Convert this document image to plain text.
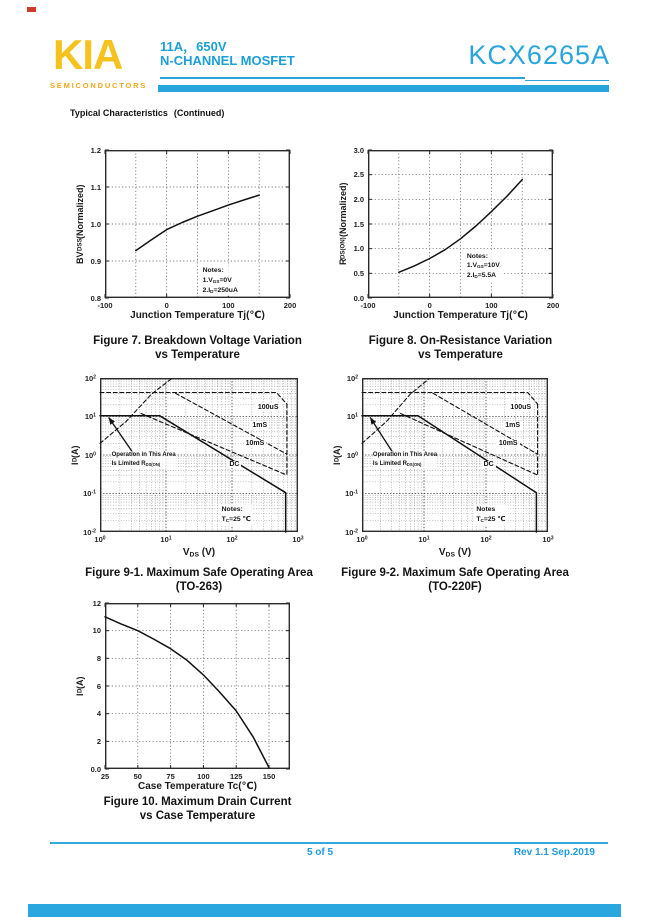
KIA
SEMICONDUCTORS
11A，650V
N-CHANNEL MOSFET	KCX6265A
Typical Characteristics (Continued)
-100	0	100	200
0.8
0.9
1.0
1.1
1.2
Junction Temperature Tj(℃)
BV
DSS
(Normalized)
Notes:
$1.V_{GS}=0V$
$2.I_D=250uA$
Figure 7. Breakdown Voltage Variation
vs Temperature
-100	0	100	200
0.0
0.5
1.0
1.5
2.0
2.5
3.0
Junction Temperature Tj(℃)
R
DS(ON)
(Normalized)
Notes:
$1.V_{GS}=10V$
$2.I_D=5.5A$
Figure 8. On-Resistance Variation
vs Temperature
$10^0$	$10^1$	$10^2$	$10^3$
$10^2$
$10^1$
$10^0$
$10^{-1}$
$10^{-2}$
$V_{DS}$ (V)
I
D
(A)
100uS
1mS
10mS
DC
Notes:
$T_C=25$ ℃
Operation in This Area
Is Limited $R_{DS(ON)}$
Figure 9-1. Maximum Safe Operating Area
(TO-263)
$10^0$	$10^1$	$10^2$	$10^3$
$10^2$
$10^1$
$10^0$
$10^{-1}$
$10^{-2}$
$V_{DS}$ (V)
I
D
(A)
100uS
1mS
10mS
DC
Notes
$T_C=25$ ℃
Operation in This Area
Is Limited $R_{DS(ON)}$
Figure 9-2. Maximum Safe Operating Area
(TO-220F)
25	50	75	100	125	150
0.0
2
4
6
8
10
12
Case Temperature Tc(℃)
I
D
(A)
Figure 10. Maximum Drain Current
vs Case Temperature
5 of 5	Rev 1.1 Sep.2019
